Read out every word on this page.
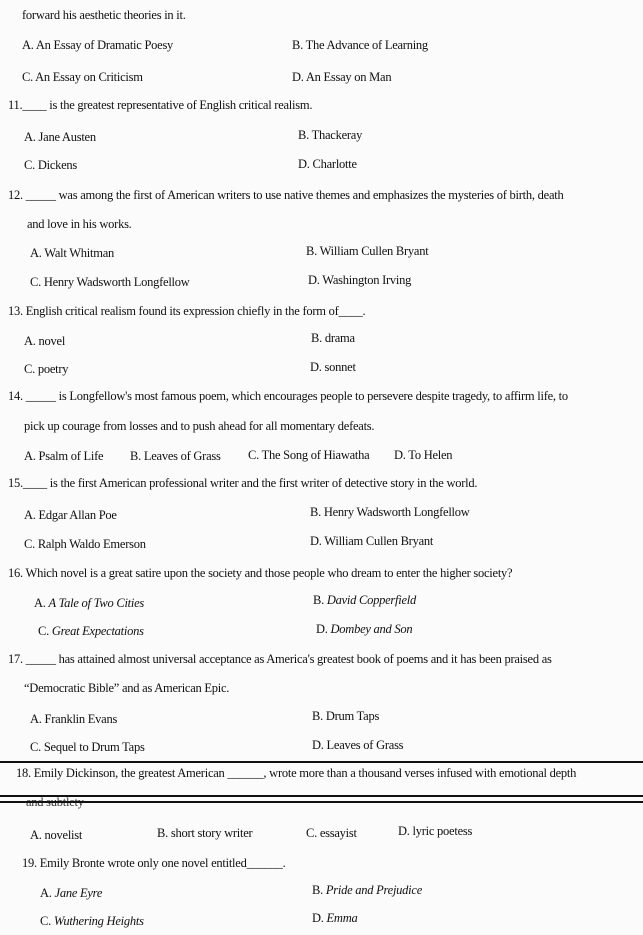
forward his aesthetic theories in it.
A. An Essay of Dramatic Poesy	B. The Advance of Learning
C. An Essay on Criticism	D. An Essay on Man
11.____ is the greatest representative of English critical realism.
A. Jane Austen	B. Thackeray
C. Dickens	D. Charlotte
12. _____ was among the first of American writers to use native themes and emphasizes the mysteries of birth, death
and love in his works.
A. Walt Whitman	B. William Cullen Bryant
C. Henry Wadsworth Longfellow	D. Washington Irving
13. English critical realism found its expression chiefly in the form of____.
A. novel	B. drama
C. poetry	D. sonnet
14. _____ is Longfellow's most famous poem, which encourages people to persevere despite tragedy, to affirm life, to
pick up courage from losses and to push ahead for all momentary defeats.
A. Psalm of Life B. Leaves of Grass C. The Song of Hiawatha D. To Helen
15.____ is the first American professional writer and the first writer of detective story in the world.
A. Edgar Allan Poe	B. Henry Wadsworth Longfellow
C. Ralph Waldo Emerson	D. William Cullen Bryant
16. Which novel is a great satire upon the society and those people who dream to enter the higher society?
A. A Tale of Two Cities	B. David Copperfield
C. Great Expectations	D. Dombey and Son
17. _____ has attained almost universal acceptance as America's greatest book of poems and it has been praised as
“Democratic Bible” and as American Epic.
A. Franklin Evans	B. Drum Taps
C. Sequel to Drum Taps	D. Leaves of Grass
18. Emily Dickinson, the greatest American ______, wrote more than a thousand verses infused with emotional depth
and subtlety
A. novelist	B. short story writer	C. essayist	D. lyric poetess
19. Emily Bronte wrote only one novel entitled______.
A. Jane Eyre	B. Pride and Prejudice
C. Wuthering Heights	D. Emma
